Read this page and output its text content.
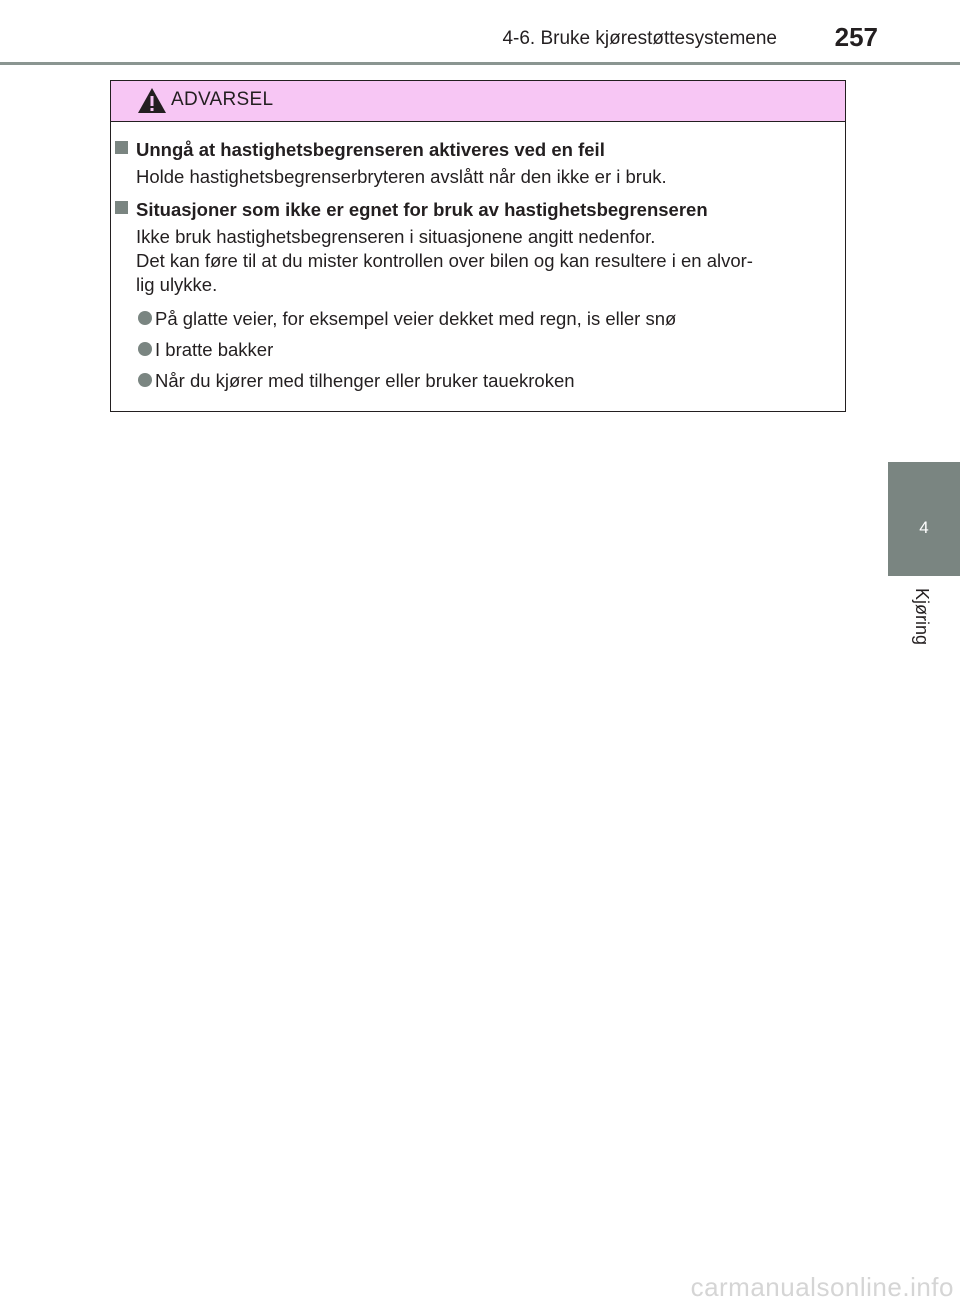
4-6. Bruke kjørestøttesystemene 257
4
Kjøring
ADVARSEL
Unngå at hastighetsbegrenseren aktiveres ved en feil
Holde hastighetsbegrenserbryteren avslått når den ikke er i bruk.
Situasjoner som ikke er egnet for bruk av hastighetsbegrenseren
Ikke bruk hastighetsbegrenseren i situasjonene angitt nedenfor.
Det kan føre til at du mister kontrollen over bilen og kan resultere i en alvor-
lig ulykke.
På glatte veier, for eksempel veier dekket med regn, is eller snø
I bratte bakker
Når du kjører med tilhenger eller bruker tauekroken
carmanualsonline.info
